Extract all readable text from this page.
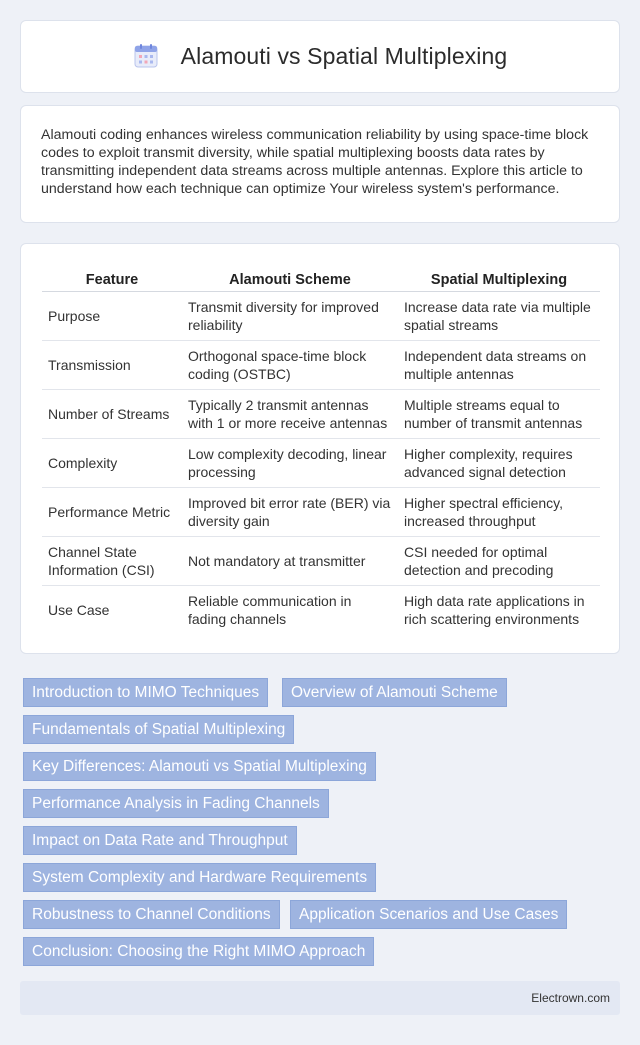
Alamouti vs Spatial Multiplexing

Alamouti coding enhances wireless communication reliability by using space-time block codes to exploit transmit diversity, while spatial multiplexing boosts data rates by transmitting independent data streams across multiple antennas. Explore this article to understand how each technique can optimize Your wireless system's performance.

Feature	Alamouti Scheme	Spatial Multiplexing
Purpose	Transmit diversity for improved reliability	Increase data rate via multiple spatial streams
Transmission	Orthogonal space-time block coding (OSTBC)	Independent data streams on multiple antennas
Number of Streams	Typically 2 transmit antennas with 1 or more receive antennas	Multiple streams equal to number of transmit antennas
Complexity	Low complexity decoding, linear processing	Higher complexity, requires advanced signal detection
Performance Metric	Improved bit error rate (BER) via diversity gain	Higher spectral efficiency, increased throughput
Channel State Information (CSI)	Not mandatory at transmitter	CSI needed for optimal detection and precoding
Use Case	Reliable communication in fading channels	High data rate applications in rich scattering environments
Introduction to MIMO Techniques	Overview of Alamouti Scheme
Fundamentals of Spatial Multiplexing
Key Differences: Alamouti vs Spatial Multiplexing
Performance Analysis in Fading Channels
Impact on Data Rate and Throughput
System Complexity and Hardware Requirements
Robustness to Channel Conditions	Application Scenarios and Use Cases
Conclusion: Choosing the Right MIMO Approach
Electrown.com
